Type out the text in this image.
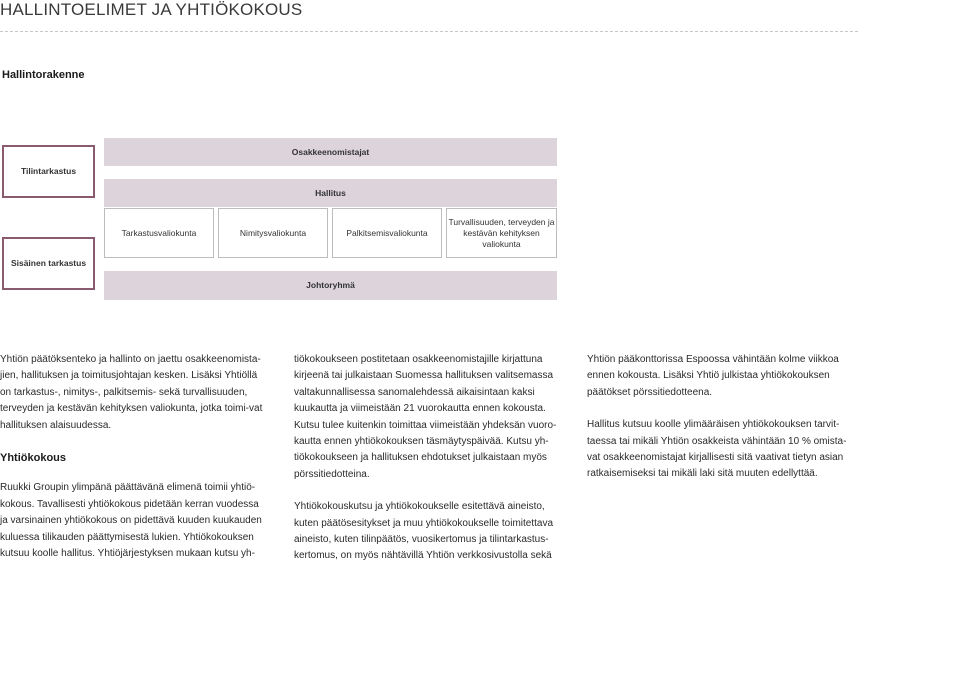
HALLINTOELIMET JA YHTIÖKOKOUS
Hallintorakenne
Tilintarkastus
Sisäinen tarkastus
Osakkeenomistajat
Hallitus
Tarkastusvaliokunta	Nimitysvaliokunta	Palkitsemisvaliokunta
Turvallisuuden, terveyden ja kestävän kehityksen valiokunta
Johtoryhmä

Yhtiön päätöksenteko ja hallinto on jaettu osakkeenomista-jien, hallituksen ja toimitusjohtajan kesken. Lisäksi Yhtiöllä on tarkastus-, nimitys-, palkitsemis- sekä turvallisuuden, terveyden ja kestävän kehityksen valiokunta, jotka toimi-vat hallituksen alaisuudessa.

Yhtiökokous

Ruukki Groupin ylimpänä päättävänä elimenä toimii yhtiö-kokous. Tavallisesti yhtiökokous pidetään kerran vuodessa ja varsinainen yhtiökokous on pidettävä kuuden kuukauden kuluessa tilikauden päättymisestä lukien. Yhtiökokouksen kutsuu koolle hallitus. Yhtiöjärjestyksen mukaan kutsu yh-

tiökokoukseen postitetaan osakkeenomistajille kirjattuna kirjeenä tai julkaistaan Suomessa hallituksen valitsemassa valtakunnallisessa sanomalehdessä aikaisintaan kaksi kuukautta ja viimeistään 21 vuorokautta ennen kokousta. Kutsu tulee kuitenkin toimittaa viimeistään yhdeksän vuoro-kautta ennen yhtiökokouksen täsmäytyspäivää. Kutsu yh-tiökokoukseen ja hallituksen ehdotukset julkaistaan myös pörssitiedotteina.

Yhtiökokouskutsu ja yhtiökokoukselle esitettävä aineisto, kuten päätösesitykset ja muu yhtiökokoukselle toimitettava aineisto, kuten tilinpäätös, vuosikertomus ja tilintarkastus-kertomus, on myös nähtävillä Yhtiön verkkosivustolla sekä

Yhtiön pääkonttorissa Espoossa vähintään kolme viikkoa ennen kokousta. Lisäksi Yhtiö julkistaa yhtiökokouksen päätökset pörssitiedotteena.

Hallitus kutsuu koolle ylimääräisen yhtiökokouksen tarvit-taessa tai mikäli Yhtiön osakkeista vähintään 10 % omista-vat osakkeenomistajat kirjallisesti sitä vaativat tietyn asian ratkaisemiseksi tai mikäli laki sitä muuten edellyttää.
